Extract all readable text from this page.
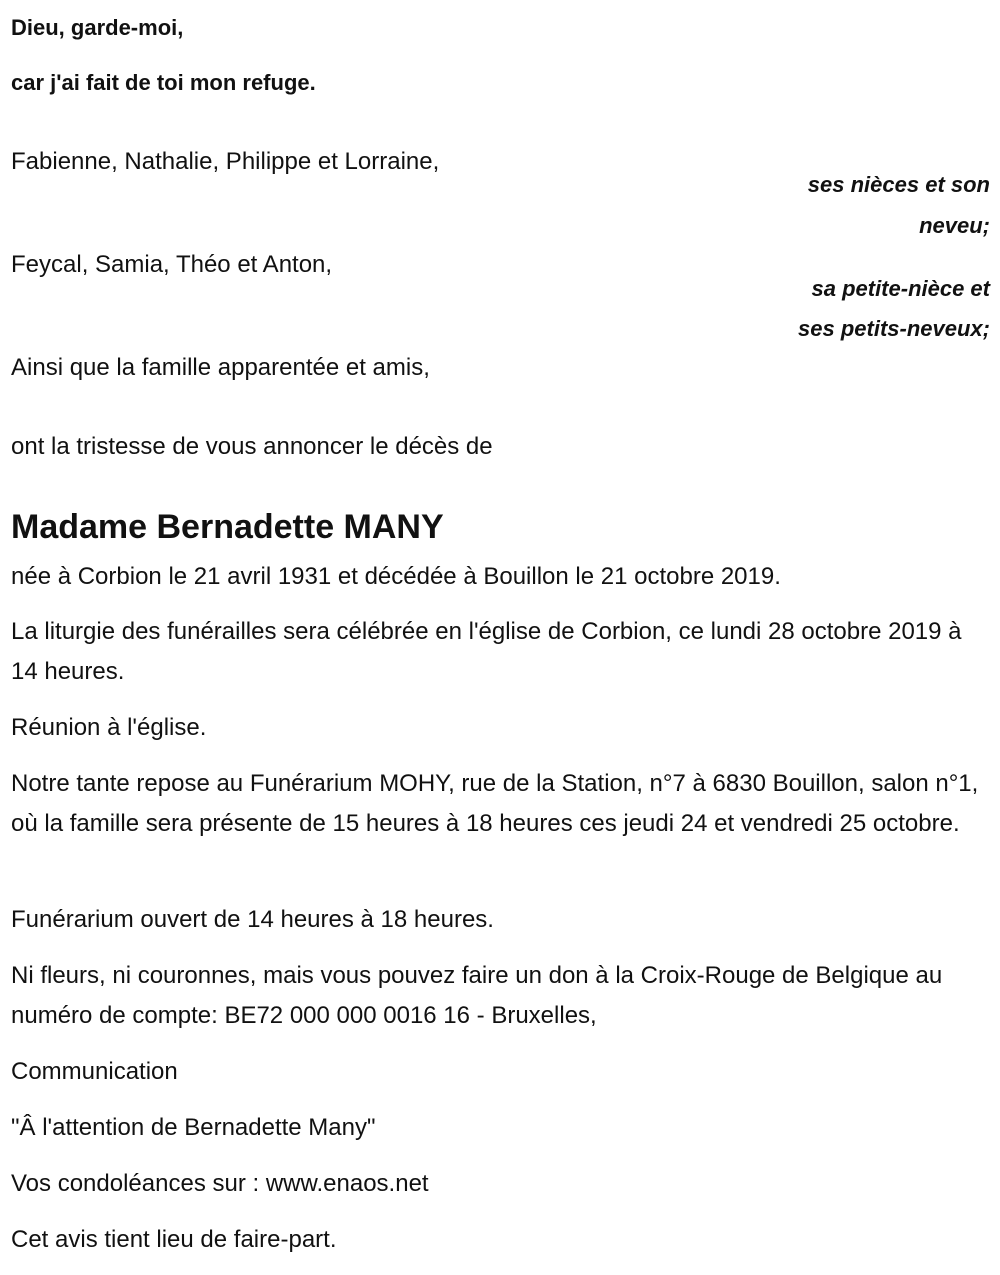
Dieu, garde-moi,
car j'ai fait de toi mon refuge.
Fabienne, Nathalie, Philippe et Lorraine,
ses nièces et son
neveu;
Feycal, Samia, Théo et Anton,
sa petite-nièce et
ses petits-neveux;
Ainsi que la famille apparentée et amis,
ont la tristesse de vous annoncer le décès de
Madame Bernadette MANY
née à Corbion le 21 avril 1931 et décédée à Bouillon le 21 octobre 2019.
La liturgie des funérailles sera célébrée en l'église de Corbion, ce lundi 28 octobre 2019 à 14 heures.
Réunion à l'église.
Notre tante repose au Funérarium MOHY, rue de la Station, n°7 à 6830 Bouillon, salon n°1, où la famille sera présente de 15 heures à 18 heures ces jeudi 24 et vendredi 25 octobre.
Funérarium ouvert de 14 heures à 18 heures.
Ni fleurs, ni couronnes, mais vous pouvez faire un don à la Croix-Rouge de Belgique au numéro de compte: BE72 000 000 0016 16 - Bruxelles,
Communication
"Â l'attention de Bernadette Many"
Vos condoléances sur : www.enaos.net
Cet avis tient lieu de faire-part.
